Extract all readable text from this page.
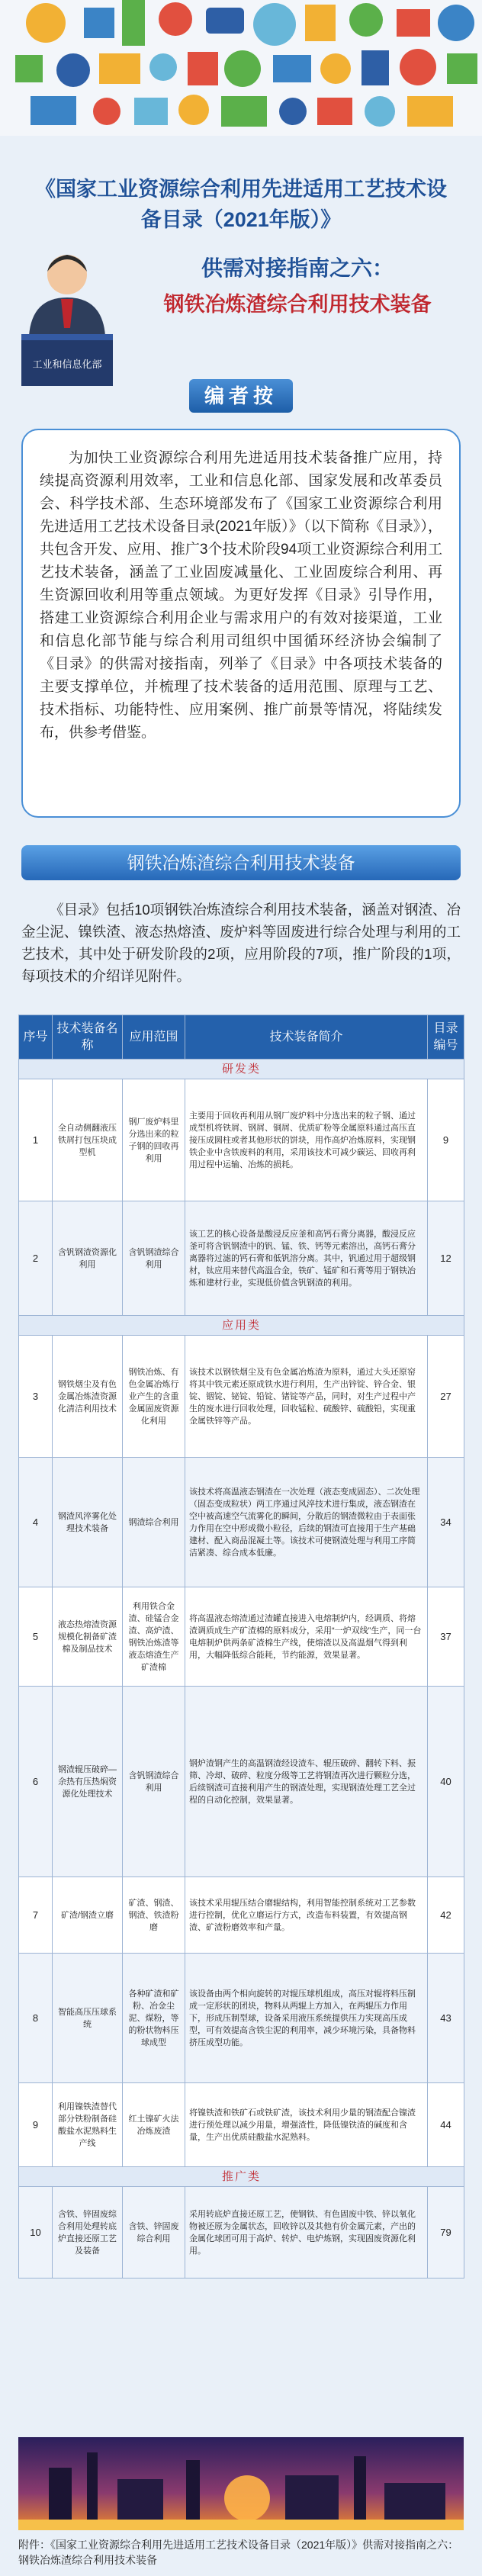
《国家工业资源综合利用先进适用工艺技术设备目录（2021年版）》
工业和信息化部
供需对接指南之六：
钢铁冶炼渣综合利用技术装备
编者按

为加快工业资源综合利用先进适用技术装备推广应用，持续提高资源利用效率，工业和信息化部、国家发展和改革委员会、科学技术部、生态环境部发布了《国家工业资源综合利用先进适用工艺技术设备目录(2021年版）》（以下简称《目录》），共包含开发、应用、推广3个技术阶段94项工业资源综合利用工艺技术装备，涵盖了工业固废减量化、工业固废综合利用、再生资源回收利用等重点领域。为更好发挥《目录》引导作用，搭建工业资源综合利用企业与需求用户的有效对接渠道，工业和信息化部节能与综合利用司组织中国循环经济协会编制了《目录》的供需对接指南，列举了《目录》中各项技术装备的主要支撑单位，并梳理了技术装备的适用范围、原理与工艺、技术指标、功能特性、应用案例、推广前景等情况，将陆续发布，供参考借鉴。

钢铁冶炼渣综合利用技术装备

《目录》包括10项钢铁冶炼渣综合利用技术装备，涵盖对钢渣、冶金尘泥、镍铁渣、液态热熔渣、废炉料等固废进行综合处理与利用的工艺技术，其中处于研发阶段的2项，应用阶段的7项，推广阶段的1项，每项技术的介绍详见附件。

序号	技术装备名称	应用范围	技术装备简介	目录编号
研发类				
1	全自动侧翻液压铁屑打包压块成型机	钢厂废炉料里分选出来的粒子钢的回收再利用	主要用于回收再利用从钢厂废炉料中分选出来的粒子钢、通过成型机将铁屑、钢屑、铜屑、优质矿粉等金属原料通过高压直接压成圆柱或者其他形状的饼块，用作高炉冶炼原料，实现钢铁企业中含铁废料的利用，采用该技术可减少碳运、回收再利用过程中运输、冶炼的损耗。	9
2	含钒钢渣资源化利用	含钒钢渣综合利用	该工艺的核心设备是酸浸反应釜和高钙石膏分离器，酸浸反应釜可将含钒钢渣中的钒、锰、铁、钙等元素溶出，高钙石膏分离器将过滤的钙石膏和低钒溶分离。其中，钒通过用于超级钢材，钛应用来替代高温合金，铁矿、锰矿和石膏等用于钢铁冶炼和建材行业，实现低价值含钒钢渣的利用。	12
应用类				
3	钢铁烟尘及有色金属冶炼渣资源化清洁利用技术	钢铁冶炼、有色金属冶炼行业产生的含重金属固废资源化利用	该技术以钢铁烟尘及有色金属冶炼渣为原料，通过大头还原窑将其中铁元素还原成铁水进行利用，生产出锌锭、锌合金、银锭、铟锭、铋锭、铅锭、锗锭等产品，同时，对生产过程中产生的废水进行回收处理，回收锰粒、硫酸锌、硫酸铅，实现重金属铁锌等产品。	27
4	钢渣风淬雾化处理技术装备	钢渣综合利用	该技术将高温液态钢渣在一次处理（液态变成固态）、二次处理（固态变成粒状）两工序通过风淬技术进行集成，液态钢渣在空中被高速空气流雾化的瞬间，分散后的钢渣微粒由于表面张力作用在空中形成微小粒径，后续的钢渣可直接用于生产基础建材、配入商品混凝土等。该技术可使钢渣处理与利用工序简洁紧凑、综合成本低廉。	34
5	液态热熔渣资源规模化制备矿渣棉及制品技术	利用铁合金渣、硅锰合金渣、高炉渣、钢铁冶炼渣等液态熔渣生产矿渣棉	将高温液态熔渣通过渣罐直接进入电熔制炉内，经调质、将熔渣调质成生产矿渣棉的原料成分，采用“一炉双线”生产，同一台电熔制炉供两条矿渣棉生产线，使熔渣以及高温烟气得到利用，大幅降低综合能耗，节约能源，效果显著。	37
6	钢渣辊压破碎—余热有压热焖资源化处理技术	含钒钢渣综合利用	钢炉渣钢产生的高温钢渣经设渣车、辊压破碎、翻转下料、振筛、冷却、破碎、粒度分级等工艺将钢渣再次进行颗粒分选，后续钢渣可直接利用产生的钢渣处理，实现钢渣处理工艺全过程的自动化控制，效果显著。	40
7	矿渣/钢渣立磨	矿渣、钢渣、钢渣、铁渣粉磨	该技术采用辊压结合磨辊结构，利用智能控制系统对工艺参数进行控制，优化立磨运行方式，改造布料装置，有效提高钢渣、矿渣粉磨效率和产量。	42
8	智能高压压球系统	各种矿渣和矿粉、冶金尘泥、煤粉，等的粉状物料压球成型	该设备由两个相向旋转的对辊压球机组成，高压对辊将料压制成一定形状的团块，物料从两辊上方加入，在两辊压力作用下，形成压制型球，设备采用液压系统提供压力实现高压成型，可有效提高含铁尘泥的利用率，减少环境污染，具备物料挤压成型功能。	43
9	利用镍铁渣替代部分铁粉制备硅酸盐水泥熟料生产线	红土镍矿火法冶炼废渣	将镍铁渣和铁矿石或铁矿渣，该技术利用少量的钢渣配合镍渣进行预处理以减少用量，增强渣性，降低镍铁渣的碱度和含量，生产出优质硅酸盐水泥熟料。	44
推广类				
10	含铁、锌固废综合利用处理转底炉直接还原工艺及装备	含铁、锌固废综合利用	采用转底炉直接还原工艺，使钢铁、有色固废中铁、锌以氧化物被还原为金属状态，回收锌以及其他有价金属元素，产出的金属化球团可用于高炉、转炉、电炉炼钢，实现固废资源化利用。	79
附件：《国家工业资源综合利用先进适用工艺技术设备目录（2021年版）》供需对接指南之六：钢铁冶炼渣综合利用技术装备
